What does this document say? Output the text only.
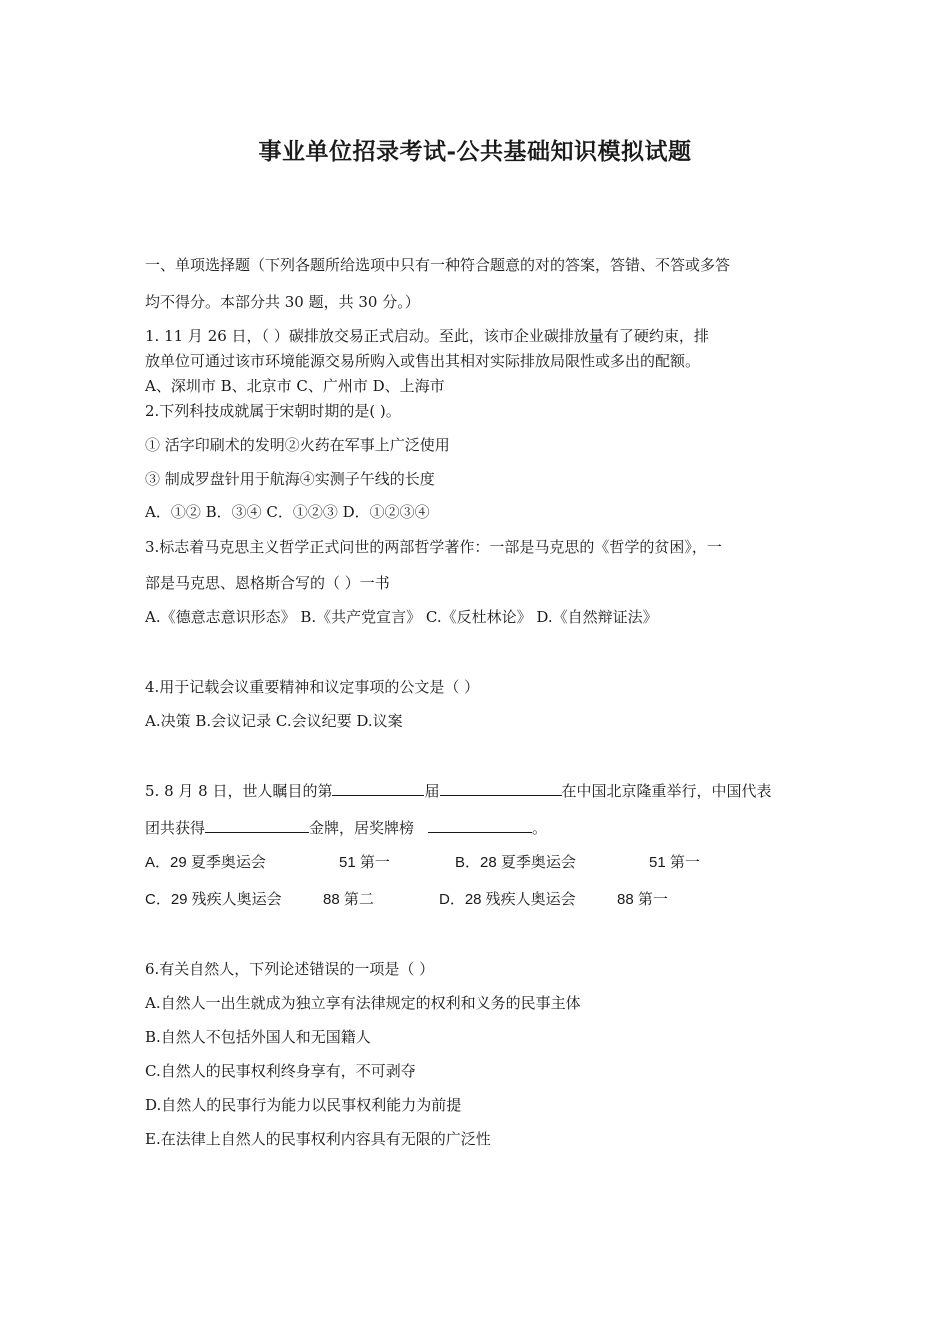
事业单位招录考试-公共基础知识模拟试题
一、单项选择题（下列各题所给选项中只有一种符合题意的对的答案，答错、不答或多答
均不得分。本部分共 30 题，共 30 分。）
1. 11 月 26 日，（ ）碳排放交易正式启动。至此，该市企业碳排放量有了硬约束，排
放单位可通过该市环境能源交易所购入或售出其相对实际排放局限性或多出的配额。
A、深圳市 B、北京市 C、广州市 D、上海市
2.下列科技成就属于宋朝时期的是( )。
① 活字印刷术的发明②火药在军事上广泛使用
③ 制成罗盘针用于航海④实测子午线的长度
A．①② B．③④ C．①②③ D．①②③④
3.标志着马克思主义哲学正式问世的两部哲学著作：一部是马克思的《哲学的贫困》，一
部是马克思、恩格斯合写的（ ）一书
A.《德意志意识形态》 B.《共产党宣言》 C.《反杜林论》 D.《自然辩证法》
4.用于记载会议重要精神和议定事项的公文是（ ）
A.决策 B.会议记录 C.会议纪要 D.议案
5. 8 月 8 日，世人瞩目的第	届	在中国北京隆重举行，中国代表
团共获得	金牌，居奖牌榜	。
A．29 夏季奥运会	51 第一	B．28 夏季奥运会	51 第一
C．29 残疾人奥运会	88 第二	D．28 残疾人奥运会	88 第一
6.有关自然人，下列论述错误的一项是（ ）
A.自然人一出生就成为独立享有法律规定的权利和义务的民事主体
B.自然人不包括外国人和无国籍人
C.自然人的民事权利终身享有，不可剥夺
D.自然人的民事行为能力以民事权利能力为前提
E.在法律上自然人的民事权利内容具有无限的广泛性
